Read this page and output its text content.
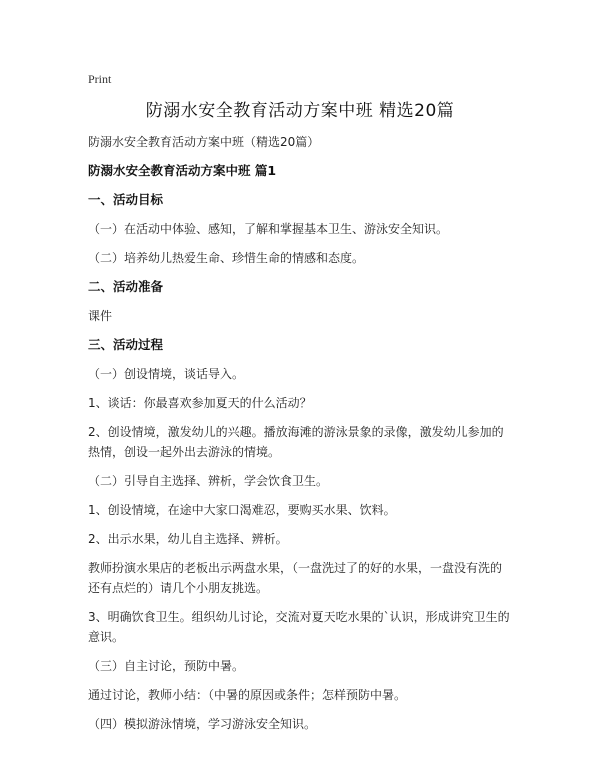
Print
防溺水安全教育活动方案中班 精选20篇

防溺水安全教育活动方案中班（精选20篇）

防溺水安全教育活动方案中班 篇1

一、活动目标

（一）在活动中体验、感知，了解和掌握基本卫生、游泳安全知识。

（二）培养幼儿热爱生命、珍惜生命的情感和态度。

二、活动准备

课件

三、活动过程

（一）创设情境，谈话导入。

1、谈话：你最喜欢参加夏天的什么活动？

2、创设情境，激发幼儿的兴趣。播放海滩的游泳景象的录像，激发幼儿参加的热情，创设一起外出去游泳的情境。

（二）引导自主选择、辨析，学会饮食卫生。

1、创设情境，在途中大家口渴难忍，要购买水果、饮料。

2、出示水果，幼儿自主选择、辨析。

教师扮演水果店的老板出示两盘水果，（一盘洗过了的好的水果，一盘没有洗的还有点烂的）请几个小朋友挑选。

3、明确饮食卫生。组织幼儿讨论，交流对夏天吃水果的`认识，形成讲究卫生的意识。

（三）自主讨论，预防中暑。

通过讨论，教师小结：（中暑的原因或条件；怎样预防中暑。

（四）模拟游泳情境，学习游泳安全知识。
